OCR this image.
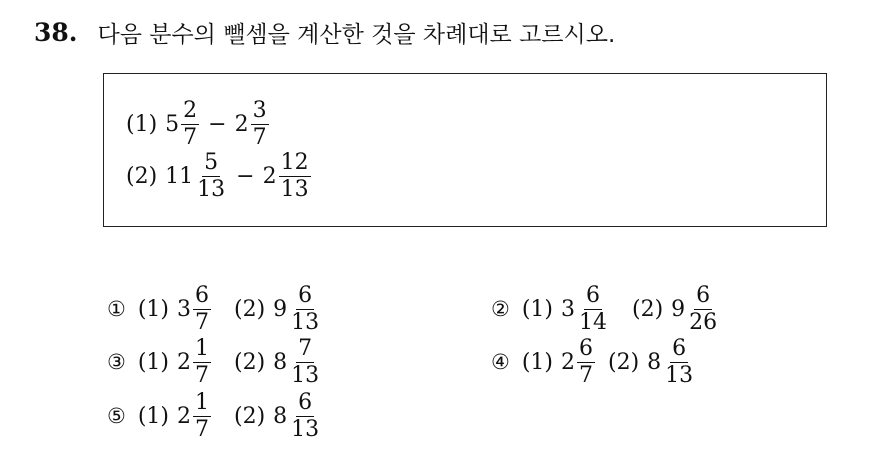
38. 다음 분수의 뺄셈을 계산한 것을 차례대로 고르시오.
(1) $5 \frac{2}{7} - 2 \frac{3}{7}$
(2) $11 \frac{5}{13} - 2 \frac{12}{13}$
① (1) $3 \frac{6}{7} (2)$ $9 \frac{6}{13}$	② (1) $3 \frac{6}{14} (2)$ $9 \frac{6}{26}$
③ (1) $2 \frac{1}{7} (2)$ $8 \frac{7}{13}$	④ (1) $2 \frac{6}{7} (2)$ $8 \frac{6}{13}$
⑤ (1) $2 \frac{1}{7} (2)$ $8 \frac{6}{13}$
